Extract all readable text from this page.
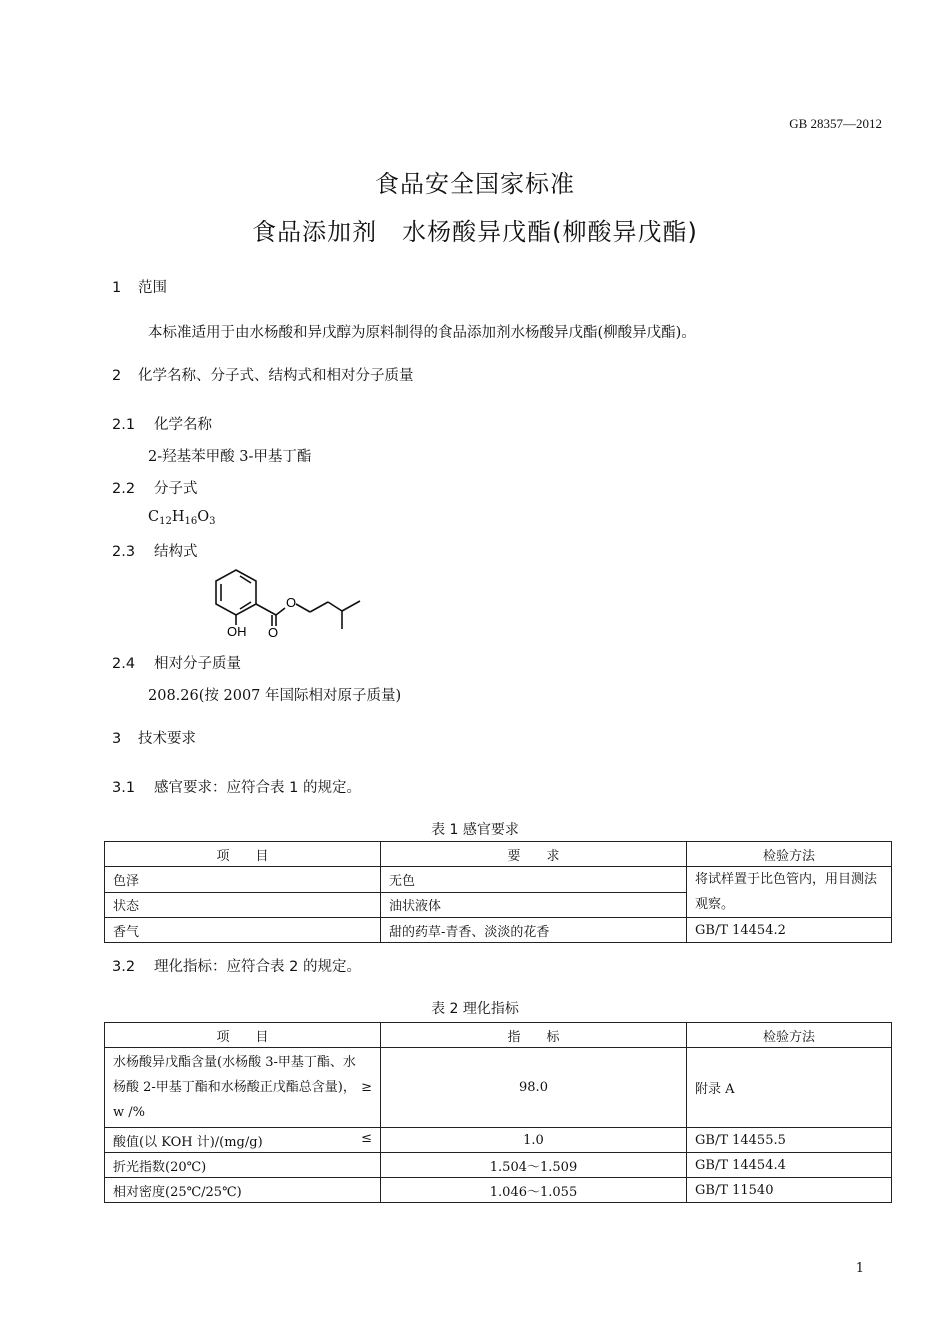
GB 28357—2012
食品安全国家标准
食品添加剂　水杨酸异戊酯(柳酸异戊酯)
1 范围
本标准适用于由水杨酸和异戊醇为原料制得的食品添加剂水杨酸异戊酯(柳酸异戊酯)。
2 化学名称、分子式、结构式和相对分子质量
2.1 化学名称
2-羟基苯甲酸 3-甲基丁酯
2.2 分子式
$C_{12}H_{16}O_3$
2.3 结构式
OH O
O
2.4 相对分子质量
208.26(按 2007 年国际相对原子质量)
3 技术要求
3.1 感官要求：应符合表 1 的规定。
表 1 感官要求
项　　目	要　　求	检验方法
色泽	无色	将试样置于比色管内，用目测法观察。
状态	油状液体	
香气	甜的药草-青香、淡淡的花香	GB/T 14454.2
3.2 理化指标：应符合表 2 的规定。
表 2 理化指标
项　　目	指　　标	检验方法

≥
水杨酸异戊酯含量(水杨酸 3-甲基丁酯、水杨酸 2-甲基丁酯和水杨酸正戊酯总含量)，w /%	98.0	附录 A

≤
酸值(以 KOH 计)/(mg/g)	1.0	GB/T 14455.5
折光指数(20℃)	1.504～1.509	GB/T 14454.4
相对密度(25℃/25℃)	1.046～1.055	GB/T 11540
1
